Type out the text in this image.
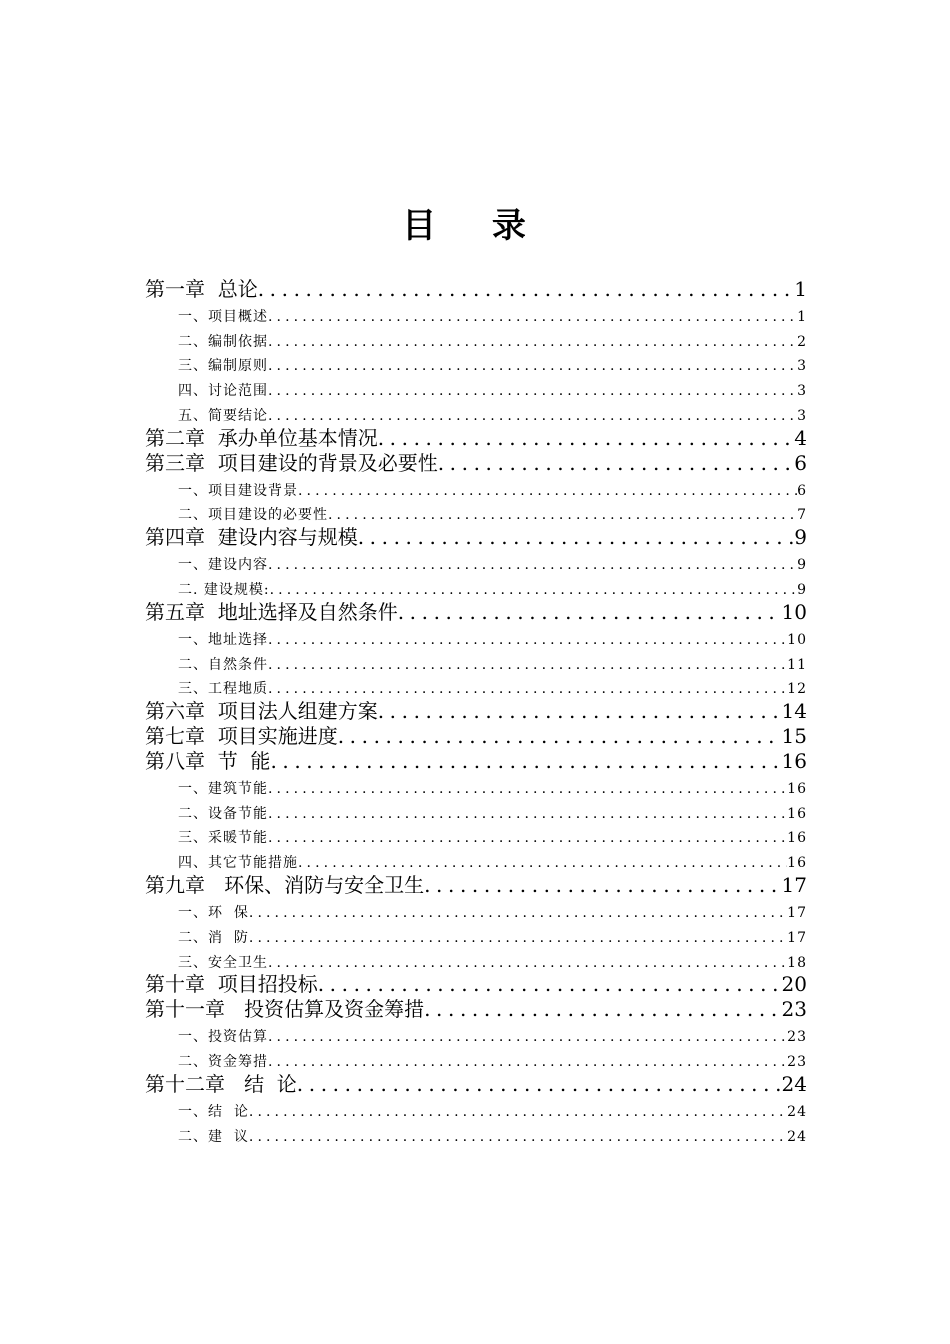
目 录
第一章  总论 .....	1
一、项目概述 .....	1
二、编制依据 .....	2
三、编制原则 .....	3
四、讨论范围 .....	3
五、简要结论 .....	3
第二章  承办单位基本情况 .....	4
第三章  项目建设的背景及必要性 .....	6
一、项目建设背景 .....	6
二、项目建设的必要性 .....	7
第四章  建设内容与规模 .....	9
一、建设内容 .....	9
二. 建设规模: .....	9
第五章  地址选择及自然条件 .....	10
一、地址选择 .....	10
二、自然条件 .....	11
三、工程地质 .....	12
第六章  项目法人组建方案 .....	14
第七章  项目实施进度 .....	15
第八章  节  能 .....	16
一、建筑节能 .....	16
二、设备节能 .....	16
三、采暖节能 .....	16
四、其它节能措施 .....	16
第九章   环保、消防与安全卫生 .....	17
一、环  保 .....	17
二、消  防 .....	17
三、安全卫生 .....	18
第十章  项目招投标 .....	20
第十一章   投资估算及资金筹措 .....	23
一、投资估算 .....	23
二、资金筹措 .....	23
第十二章   结  论 .....	24
一、结  论 .....	24
二、建  议 .....	24
